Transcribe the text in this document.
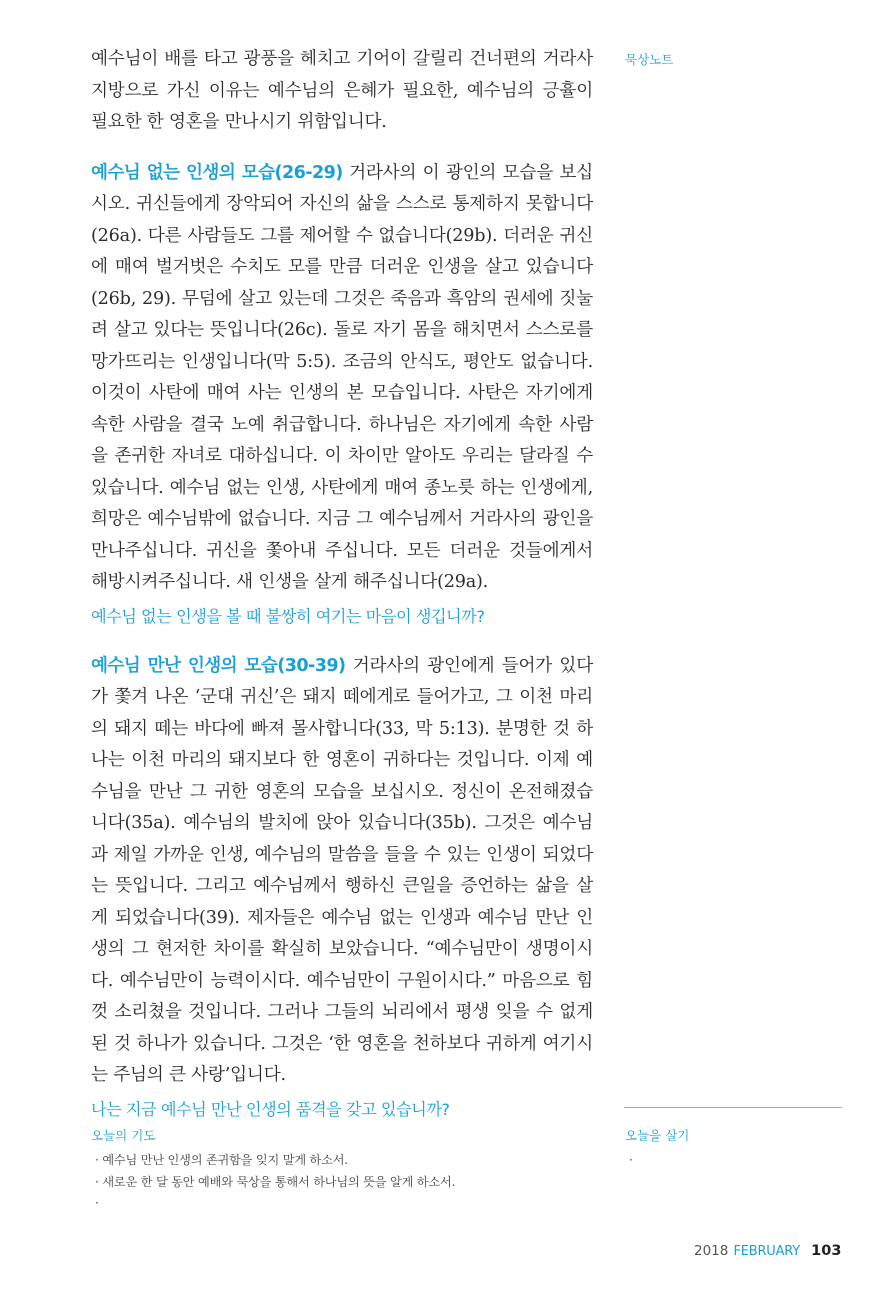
묵상노트

예수님이 배를 타고 광풍을 헤치고 기어이 갈릴리 건너편의 거라사 지방으로 가신 이유는 예수님의 은혜가 필요한, 예수님의 긍휼이 필요한 한 영혼을 만나시기 위함입니다.

예수님 없는 인생의 모습(26-29) 거라사의 이 광인의 모습을 보십시오. 귀신들에게 장악되어 자신의 삶을 스스로 통제하지 못합니다(26a). 다른 사람들도 그를 제어할 수 없습니다(29b). 더러운 귀신에 매여 벌거벗은 수치도 모를 만큼 더러운 인생을 살고 있습니다(26b, 29). 무덤에 살고 있는데 그것은 죽음과 흑암의 권세에 짓눌려 살고 있다는 뜻입니다(26c). 돌로 자기 몸을 해치면서 스스로를 망가뜨리는 인생입니다(막 5:5). 조금의 안식도, 평안도 없습니다. 이것이 사탄에 매여 사는 인생의 본 모습입니다. 사탄은 자기에게 속한 사람을 결국 노예 취급합니다. 하나님은 자기에게 속한 사람을 존귀한 자녀로 대하십니다. 이 차이만 알아도 우리는 달라질 수 있습니다. 예수님 없는 인생, 사탄에게 매여 종노릇 하는 인생에게, 희망은 예수님밖에 없습니다. 지금 그 예수님께서 거라사의 광인을 만나주십니다. 귀신을 쫓아내 주십니다. 모든 더러운 것들에게서 해방시켜주십니다. 새 인생을 살게 해주십니다(29a).

예수님 없는 인생을 볼 때 불쌍히 여기는 마음이 생깁니까?

예수님 만난 인생의 모습(30-39) 거라사의 광인에게 들어가 있다가 쫓겨 나온 ‘군대 귀신’은 돼지 떼에게로 들어가고, 그 이천 마리의 돼지 떼는 바다에 빠져 몰사합니다(33, 막 5:13). 분명한 것 하나는 이천 마리의 돼지보다 한 영혼이 귀하다는 것입니다. 이제 예수님을 만난 그 귀한 영혼의 모습을 보십시오. 정신이 온전해졌습니다(35a). 예수님의 발치에 앉아 있습니다(35b). 그것은 예수님과 제일 가까운 인생, 예수님의 말씀을 들을 수 있는 인생이 되었다는 뜻입니다. 그리고 예수님께서 행하신 큰일을 증언하는 삶을 살게 되었습니다(39). 제자들은 예수님 없는 인생과 예수님 만난 인생의 그 현저한 차이를 확실히 보았습니다. “예수님만이 생명이시다. 예수님만이 능력이시다. 예수님만이 구원이시다.” 마음으로 힘껏 소리쳤을 것입니다. 그러나 그들의 뇌리에서 평생 잊을 수 없게 된 것 하나가 있습니다. 그것은 ‘한 영혼을 천하보다 귀하게 여기시는 주님의 큰 사랑’입니다.

나는 지금 예수님 만난 인생의 품격을 갖고 있습니까?

오늘의 기도
· 예수님 만난 인생의 존귀함을 잊지 말게 하소서.
· 새로운 한 달 동안 예배와 묵상을 통해서 하나님의 뜻을 알게 하소서.
·
오늘을 살기
·
2018 FEBRUARY 103
